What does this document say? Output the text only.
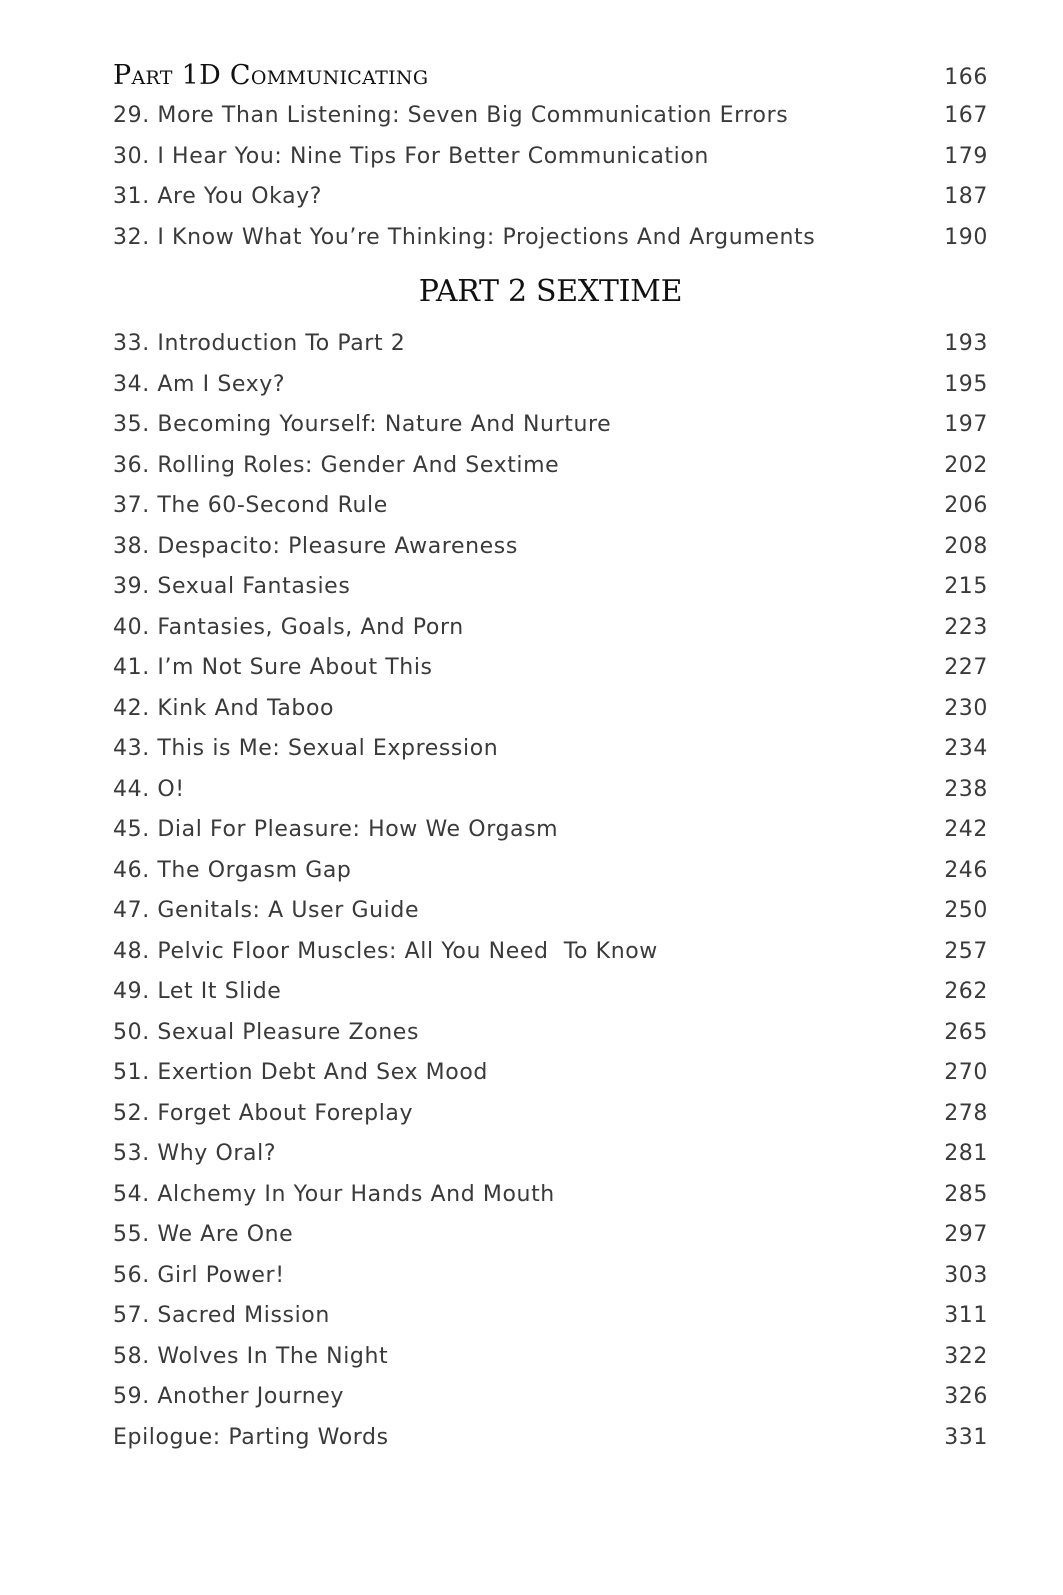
Part 1D Communicating	166
29. More Than Listening: Seven Big Communication Errors	167
30. I Hear You: Nine Tips For Better Communication	179
31. Are You Okay?	187
32. I Know What You’re Thinking: Projections And Arguments	190
PART 2 SEXTIME
33. Introduction To Part 2	193
34. Am I Sexy?	195
35. Becoming Yourself: Nature And Nurture	197
36. Rolling Roles: Gender And Sextime	202
37. The 60-Second Rule	206
38. Despacito: Pleasure Awareness	208
39. Sexual Fantasies	215
40. Fantasies, Goals, And Porn	223
41. I’m Not Sure About This	227
42. Kink And Taboo	230
43. This is Me: Sexual Expression	234
44. O!	238
45. Dial For Pleasure: How We Orgasm	242
46. The Orgasm Gap	246
47. Genitals: A User Guide	250
48. Pelvic Floor Muscles: All You Need  To Know	257
49. Let It Slide	262
50. Sexual Pleasure Zones	265
51. Exertion Debt And Sex Mood	270
52. Forget About Foreplay	278
53. Why Oral?	281
54. Alchemy In Your Hands And Mouth	285
55. We Are One	297
56. Girl Power!	303
57. Sacred Mission	311
58. Wolves In The Night	322
59. Another Journey	326
Epilogue: Parting Words	331
